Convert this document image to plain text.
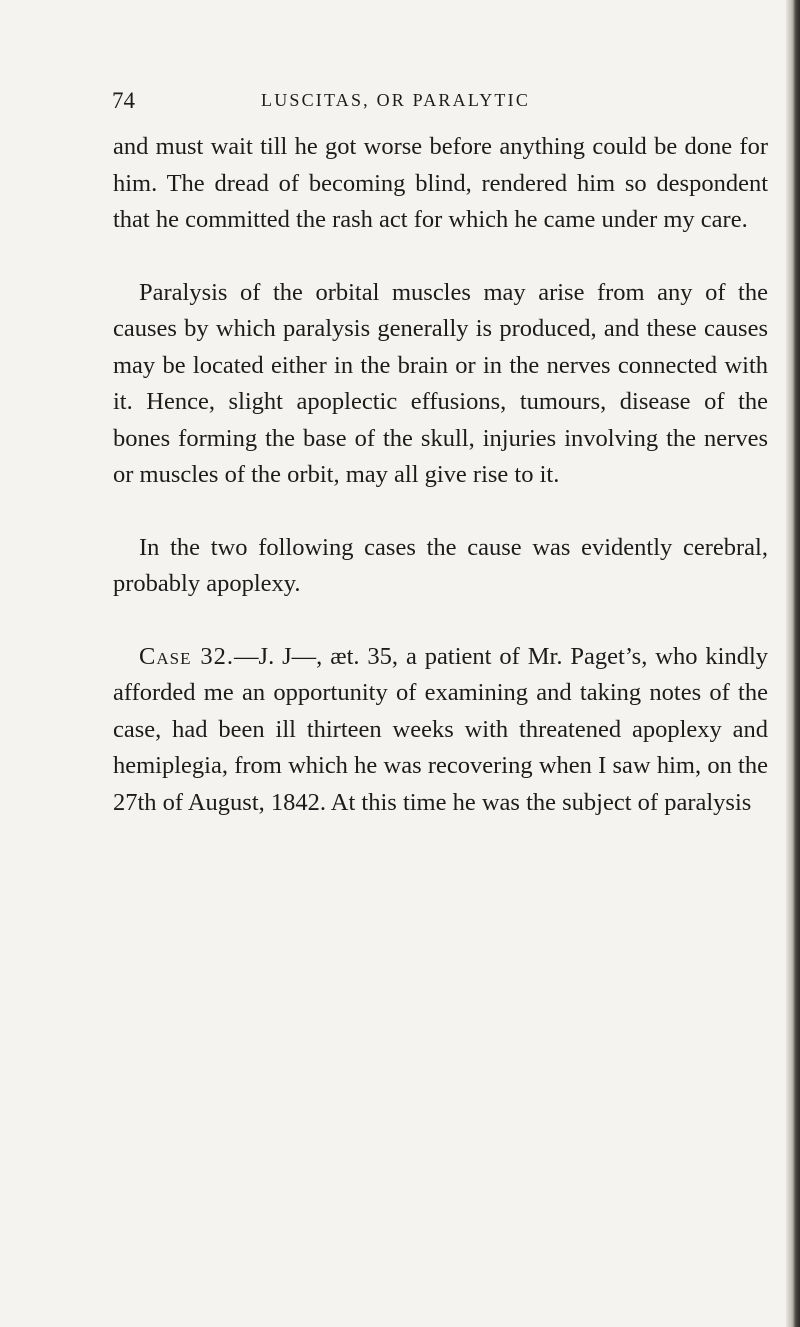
74	LUSCITAS, OR PARALYTIC

and must wait till he got worse before anything could be done for him. The dread of becoming blind, rendered him so despondent that he committed the rash act for which he came under my care.

Paralysis of the orbital muscles may arise from any of the causes by which paralysis generally is produced, and these causes may be located either in the brain or in the nerves connected with it. Hence, slight apoplectic effusions, tumours, disease of the bones forming the base of the skull, injuries involving the nerves or muscles of the orbit, may all give rise to it.

In the two following cases the cause was evidently cerebral, probably apoplexy.

Case 32.—J. J—, æt. 35, a patient of Mr. Paget’s, who kindly afforded me an opportunity of examining and taking notes of the case, had been ill thirteen weeks with threatened apoplexy and hemiplegia, from which he was recovering when I saw him, on the 27th of August, 1842. At this time he was the subject of paralysis
